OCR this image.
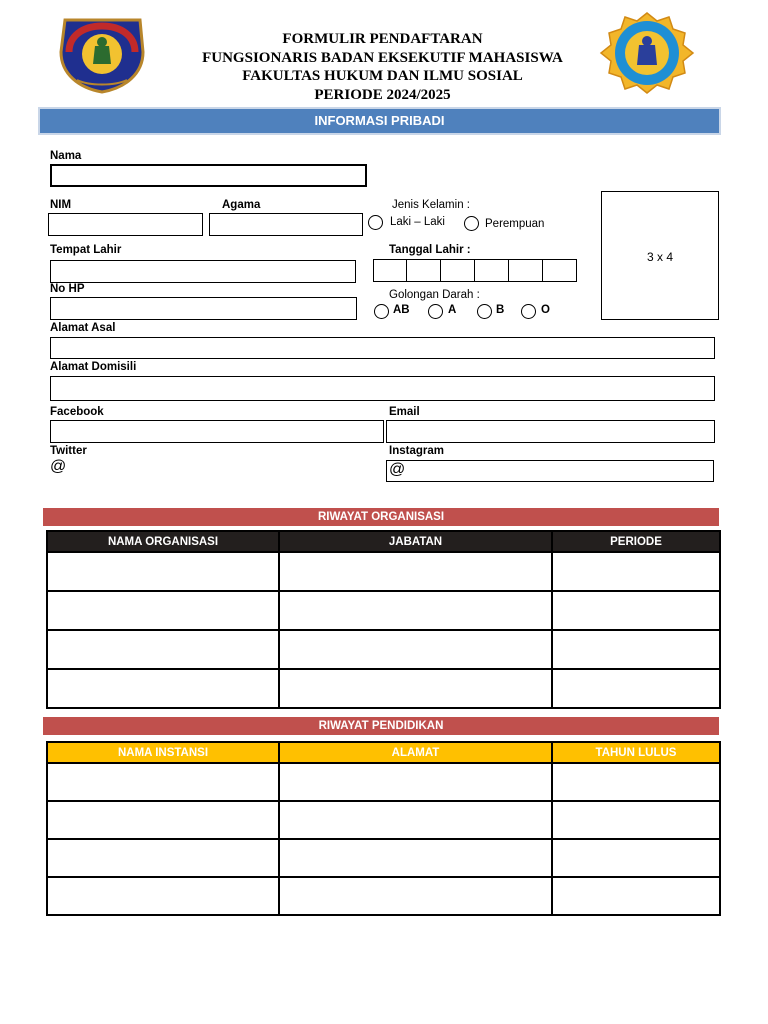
FORMULIR PENDAFTARAN
FUNGSIONARIS BADAN EKSEKUTIF MAHASISWA
FAKULTAS HUKUM DAN ILMU SOSIAL
PERIODE 2024/2025
INFORMASI PRIBADI
Nama
NIM	Agama	Jenis Kelamin :
Laki – Laki	Perempuan
3 x 4
Tempat Lahir	Tanggal Lahir :
No HP	Golongan Darah :
AB	A	B	O
Alamat Asal
Alamat Domisili
Facebook	Email
Twitter
@
Instagram
@
RIWAYAT ORGANISASI
NAMA ORGANISASI	JABATAN	PERIODE

RIWAYAT PENDIDIKAN
NAMA INSTANSI	ALAMAT	TAHUN LULUS
